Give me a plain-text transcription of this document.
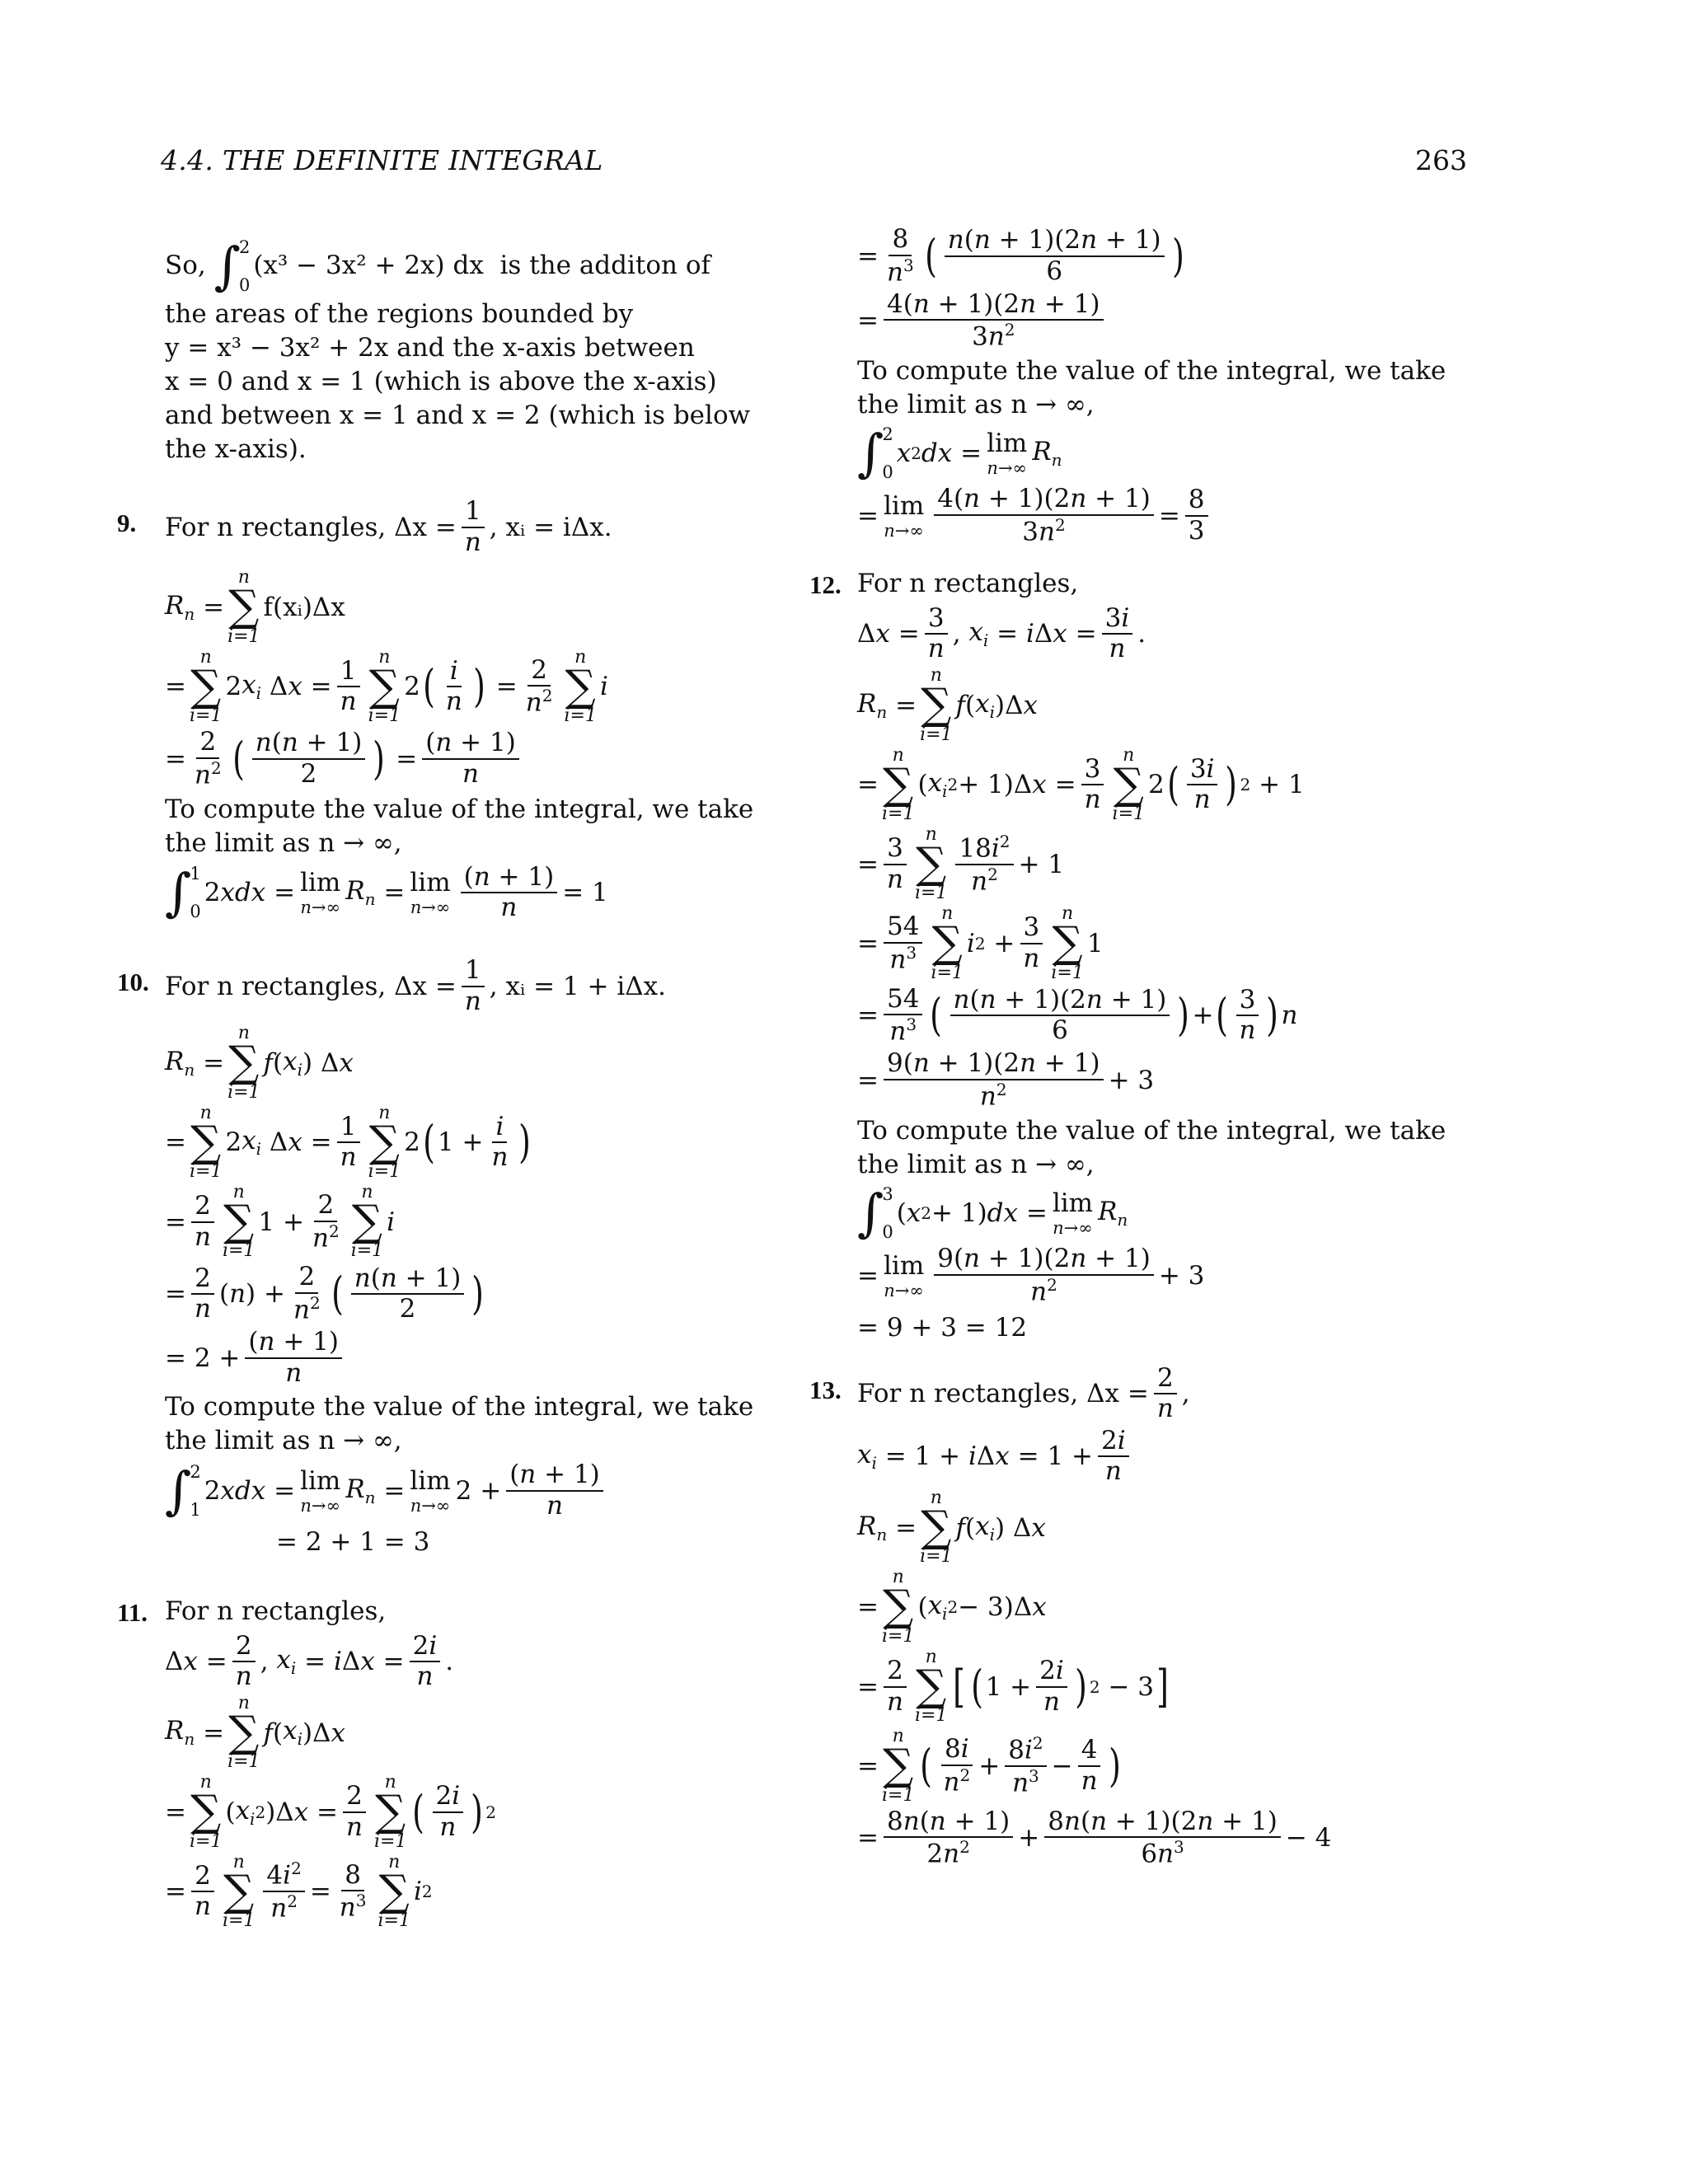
4.4. THE DEFINITE INTEGRAL	263
So,
∫
2
0
(x³ − 3x² + 2x) dx
is the additon of

the areas of the regions bounded by

y = x³ − 3x² + 2x and the x-axis between

x = 0 and x = 1 (which is above the x-axis)

and between x = 1 and x = 2 (which is below

the x-axis).

9. For n rectangles, $\Delta x = \frac{1}{n}$ , xᵢ = iΔx.
$R_n$ =
n
∑
i=1
f(xᵢ)Δx
=
n
∑
i=1
2 $x_i$ Δ $x = \frac{1}{n}$ n
∑
i=1
2 ( $\frac{i}{n}$ ) = $\frac{2}{n^2}$ n
∑
i=1
i
= $\frac{2}{n^2}$ ( $\frac{n(n + 1)}{2}$ ) = $\frac{(n + 1)}{n}$

To compute the value of the integral, we take

the limit as n → ∞,

∫
1
0
2 xdx = lim
n→∞
$R_n = \lim$
$n\to\infty \frac{(n + 1)}{n} = 1$
10. For n rectangles, $\Delta x = \frac{1}{n}$ , xᵢ = 1 + iΔx.
$R_n$ =
n
∑
i=1
f ( $x_i$ ) Δ x
=
n
∑
i=1
2 $x_i$ Δ $x = \frac{1}{n}$ n
∑
i=1
2 ( $1 + \frac{i}{n}$ )
= $\frac{2}{n}$ n
∑
i=1
$1 + \frac{2}{n^2}$ n
∑
i=1
i
= $\frac{2}{n}$ ( n ) + $\frac{2}{n^2}$ ( $\frac{n(n + 1)}{2}$ )
= $2 + \frac{(n + 1)}{n}$

To compute the value of the integral, we take

the limit as n → ∞,

∫
2
1
2 xdx = lim
n→∞
$R_n = \lim$
n→∞ $2 + \frac{(n + 1)}{n}$
= 2 + 1 = 3
11. For n rectangles,
Δ $x = \frac{2}{n}$ , $x_i = i$ Δ $x = \frac{2i}{n}$ .
$R_n$ =
n
∑
i=1
f ( $x_i$ )Δ x
=
n
∑
i=1
( $x_i$ 2 )Δ $x = \frac{2}{n}$ n
∑
i=1
( $\frac{2i}{n}$ ) 2
= $\frac{2}{n}$ n
∑
$i=1 \frac{4i^2}{n^2} = \frac{8}{n^3}$ n
∑
i=1
i 2
= $\frac{8}{n^3}$ ( $\frac{n(n + 1)(2n + 1)}{6}$ )
= $\frac{4(n + 1)(2n + 1)}{3n^2}$

To compute the value of the integral, we take

the limit as n → ∞,

∫
2
0
x 2 dx = lim
n→∞
$R_n$
= lim
$n\to\infty \frac{4(n + 1)(2n + 1)}{3n^2} = \frac{8}{3}$
12. For n rectangles,
Δ $x = \frac{3}{n}$ , $x_i = i$ Δ $x = \frac{3i}{n}$ .
$R_n$ =
n
∑
i=1
f ( $x_i$ )Δ x
=
n
∑
i=1
( $x_i$ 2 + 1)Δ $x = \frac{3}{n}$ n
∑
i=1
2 ( $\frac{3i}{n}$ ) 2 + 1
= $\frac{3}{n}$ n
∑
$i=1 \frac{18i^2}{n^2} + 1$
= $\frac{54}{n^3}$ n
∑
i=1
i $2 + \frac{3}{n}$ n
∑
i=1
1
= $\frac{54}{n^3}$ ( $\frac{n(n + 1)(2n + 1)}{6}$ ) + ( $\frac{3}{n}$ ) n
= $\frac{9(n + 1)(2n + 1)}{n^2} + 3$

To compute the value of the integral, we take

the limit as n → ∞,

∫
3
0
( x 2 + 1) dx = lim
n→∞
$R_n$
= lim
$n\to\infty \frac{9(n + 1)(2n + 1)}{n^2} + 3$
= 9 + 3 = 12
13. For n rectangles, $\Delta x = \frac{2}{n}$ ,
$x_i = 1 + i$ Δ $x = 1 + \frac{2i}{n}$
$R_n$ =
n
∑
i=1
f ( $x_i$ ) Δ x
=
n
∑
i=1
( $x_i$ 2 − 3)Δ x
= $\frac{2}{n}$ n
∑
i=1
[ ( $1 + \frac{2i}{n}$ ) 2 − 3 ]
=
n
∑
i=1
( $\frac{8i}{n^2} + \frac{8i^2}{n^3} - \frac{4}{n}$ )
= $\frac{8n(n + 1)}{2n^2} + \frac{8n(n + 1)(2n + 1)}{6n^3} - 4$
